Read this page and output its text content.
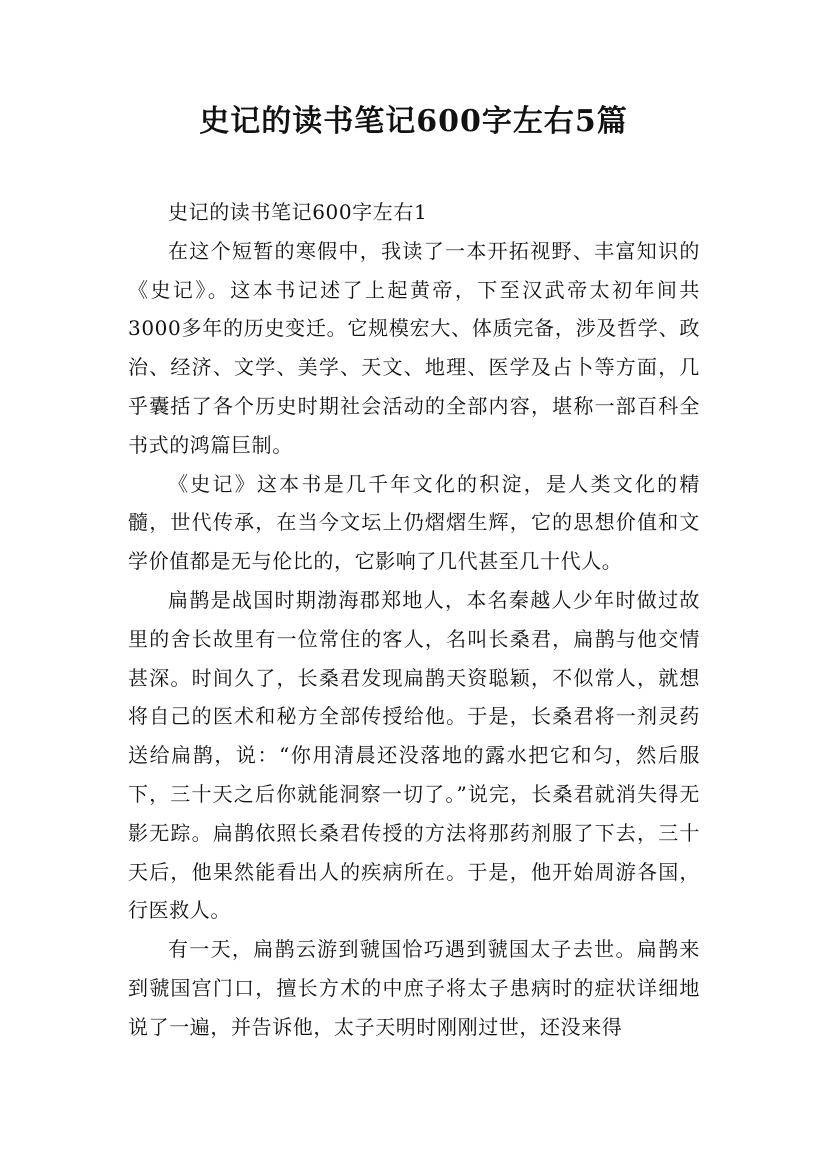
史记的读书笔记600字左右5篇

史记的读书笔记600字左右1

在这个短暂的寒假中，我读了一本开拓视野、丰富知识的《史记》。这本书记述了上起黄帝，下至汉武帝太初年间共3000多年的历史变迁。它规模宏大、体质完备，涉及哲学、政治、经济、文学、美学、天文、地理、医学及占卜等方面，几乎囊括了各个历史时期社会活动的全部内容，堪称一部百科全书式的鸿篇巨制。

《史记》这本书是几千年文化的积淀，是人类文化的精髓，世代传承，在当今文坛上仍熠熠生辉，它的思想价值和文学价值都是无与伦比的，它影响了几代甚至几十代人。

扁鹊是战国时期渤海郡郑地人，本名秦越人少年时做过故里的舍长故里有一位常住的客人，名叫长桑君，扁鹊与他交情甚深。时间久了，长桑君发现扁鹊天资聪颖，不似常人，就想将自己的医术和秘方全部传授给他。于是，长桑君将一剂灵药送给扁鹊，说：“你用清晨还没落地的露水把它和匀，然后服下，三十天之后你就能洞察一切了。”说完，长桑君就消失得无影无踪。扁鹊依照长桑君传授的方法将那药剂服了下去，三十天后，他果然能看出人的疾病所在。于是，他开始周游各国，行医救人。

有一天，扁鹊云游到虢国恰巧遇到虢国太子去世。扁鹊来到虢国宫门口，擅长方术的中庶子将太子患病时的症状详细地说了一遍，并告诉他，太子天明时刚刚过世，还没来得
